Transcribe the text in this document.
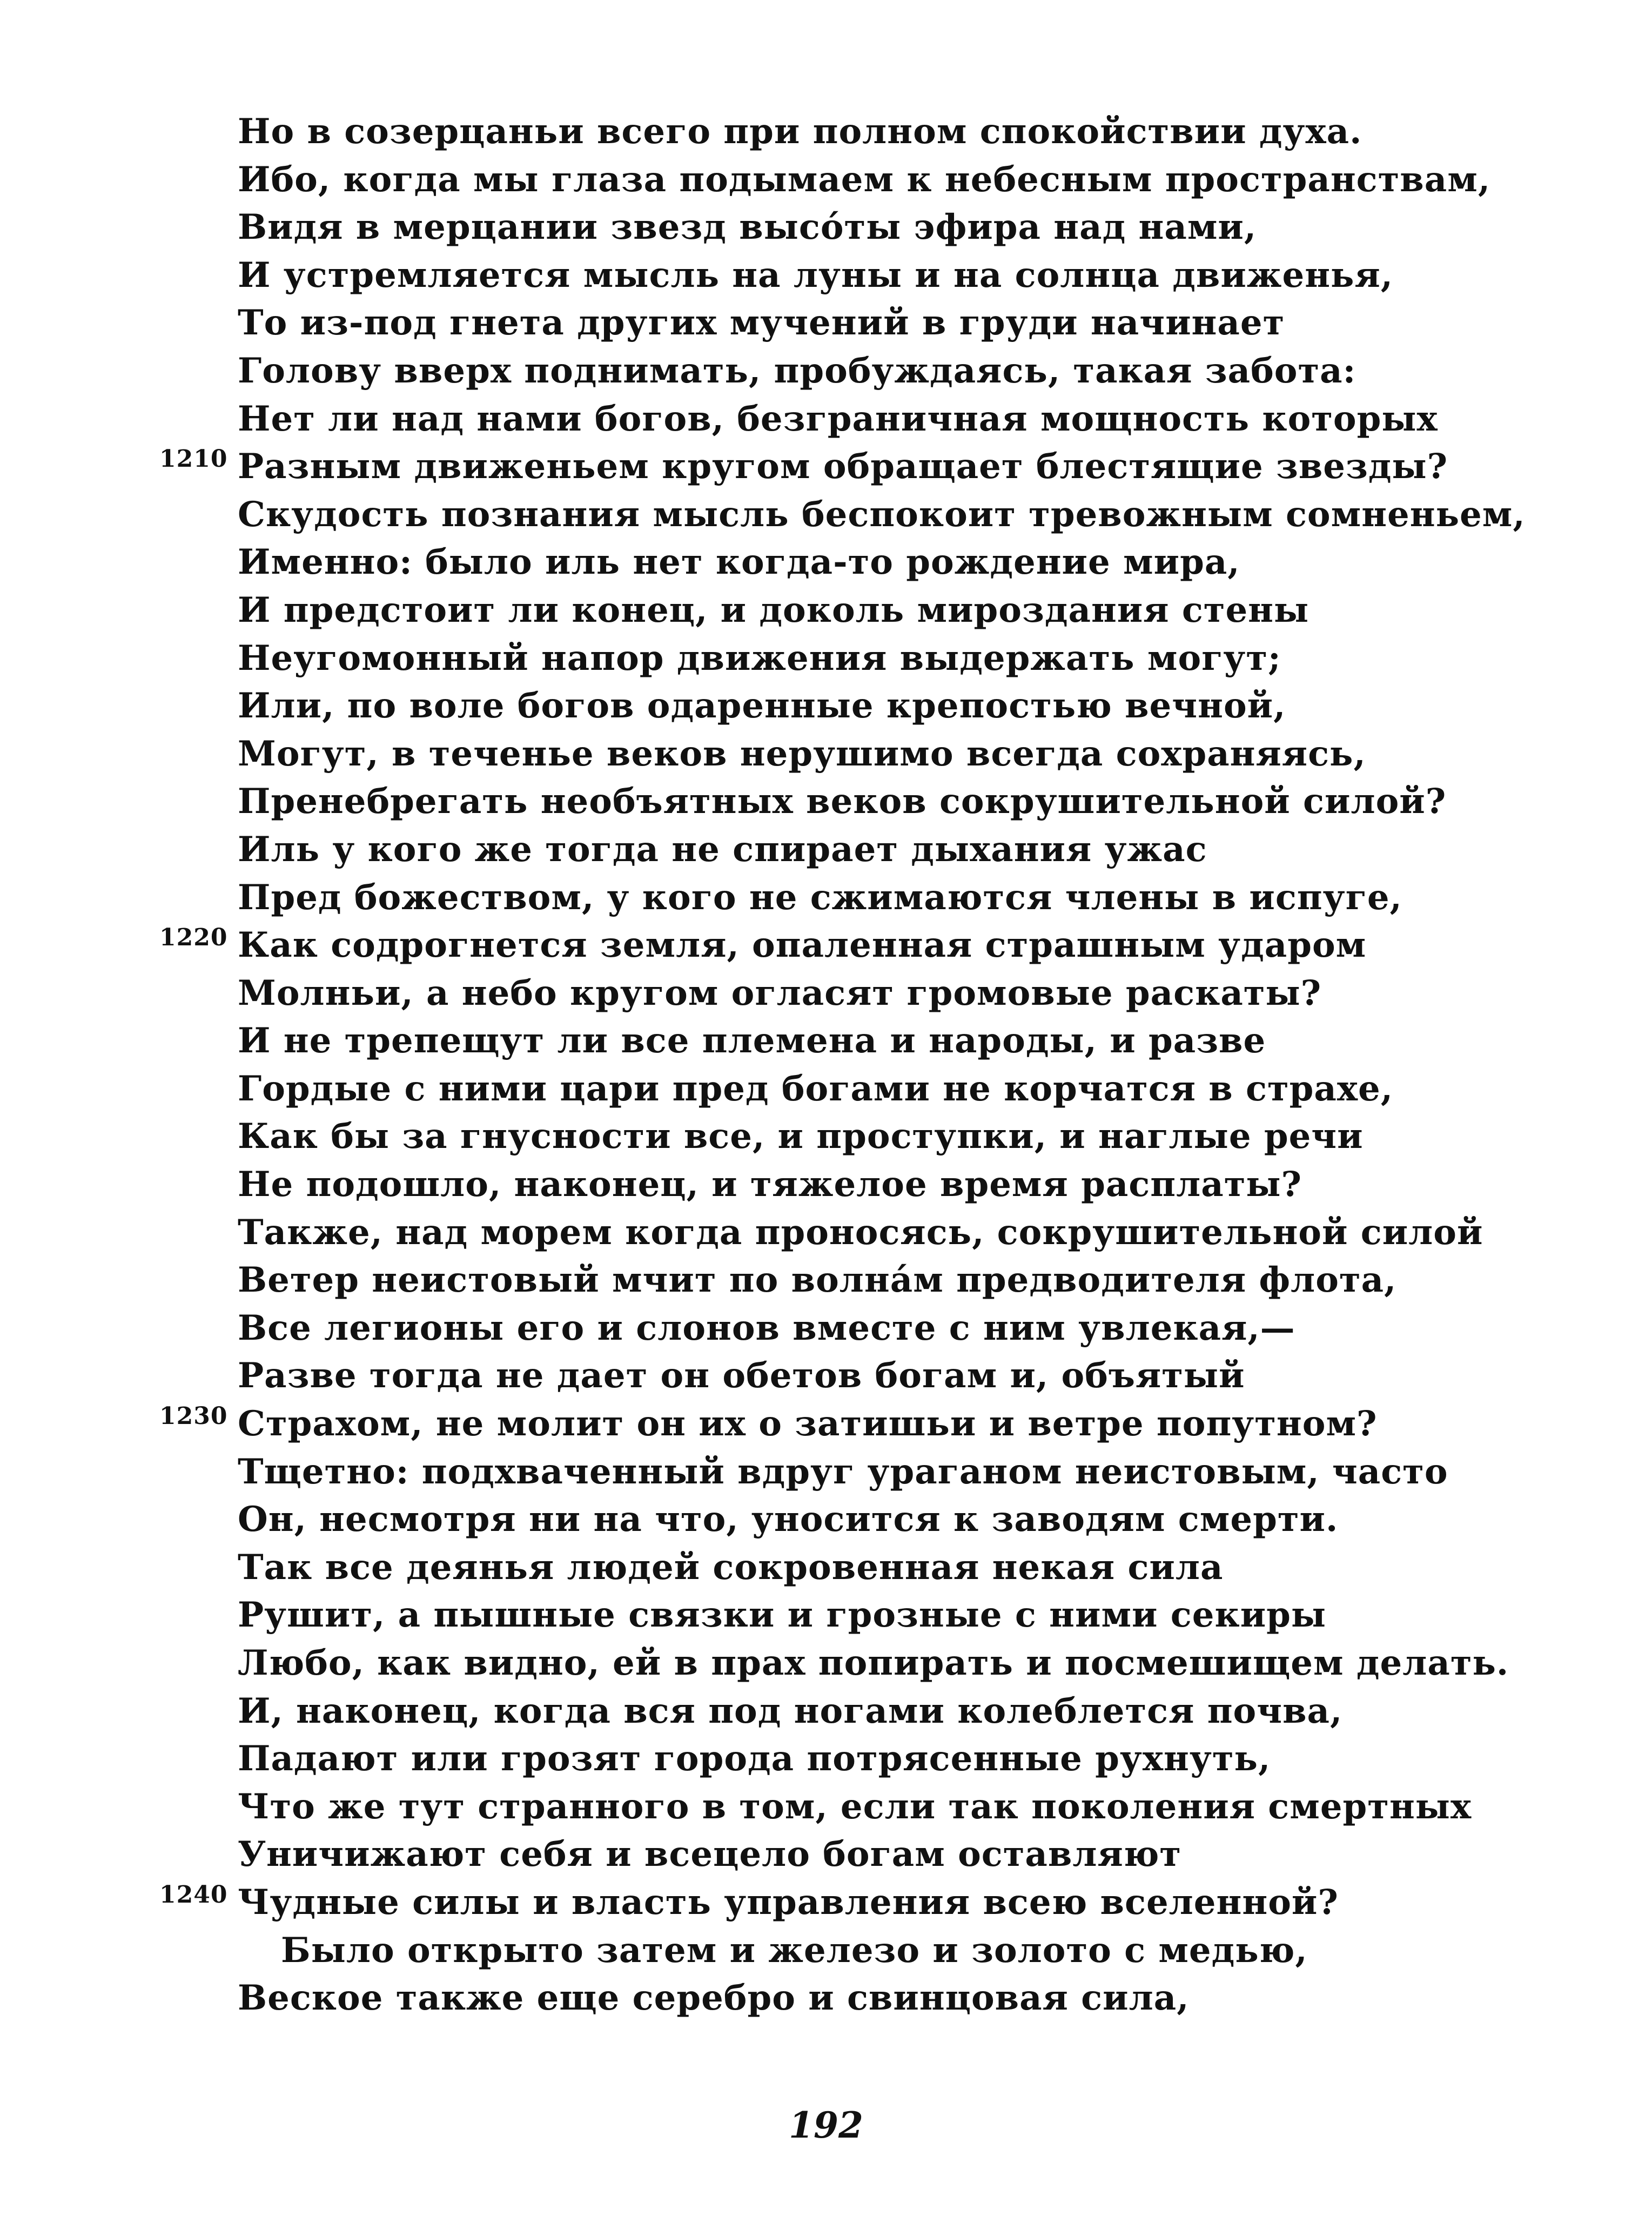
Но в созерцаньи всего при полном спокойствии духа.
Ибо, когда мы глаза подымаем к небесным пространствам,
Видя в мерцании звезд высо́ты эфира над нами,
И устремляется мысль на луны и на солнца движенья,
То из-под гнета других мучений в груди начинает
Голову вверх поднимать, пробуждаясь, такая забота:
Нет ли над нами богов, безграничная мощность которых
1210 Разным движеньем кругом обращает блестящие звезды?
Скудость познания мысль беспокоит тревожным сомненьем,
Именно: было иль нет когда-то рождение мира,
И предстоит ли конец, и доколь мироздания стены
Неугомонный напор движения выдержать могут;
Или, по воле богов одаренные крепостью вечной,
Могут, в теченье веков нерушимо всегда сохраняясь,
Пренебрегать необъятных веков сокрушительной силой?
Иль у кого же тогда не спирает дыхания ужас
Пред божеством, у кого не сжимаются члены в испуге,
1220 Как содрогнется земля, опаленная страшным ударом
Молньи, а небо кругом огласят громовые раскаты?
И не трепещут ли все племена и народы, и разве
Гордые с ними цари пред богами не корчатся в страхе,
Как бы за гнусности все, и проступки, и наглые речи
Не подошло, наконец, и тяжелое время расплаты?
Также, над морем когда проносясь, сокрушительной силой
Ветер неистовый мчит по волна́м предводителя флота,
Все легионы его и слонов вместе с ним увлекая,—
Разве тогда не дает он обетов богам и, объятый
1230 Страхом, не молит он их о затишьи и ветре попутном?
Тщетно: подхваченный вдруг ураганом неистовым, часто
Он, несмотря ни на что, уносится к заводям смерти.
Так все деянья людей сокровенная некая сила
Рушит, а пышные связки и грозные с ними секиры
Любо, как видно, ей в прах попирать и посмешищем делать.
И, наконец, когда вся под ногами колеблется почва,
Падают или грозят города потрясенные рухнуть,
Что же тут странного в том, если так поколения смертных
Уничижают себя и всецело богам оставляют
1240 Чудные силы и власть управления всею вселенной?
Было открыто затем и железо и золото с медью,
Веское также еще серебро и свинцовая сила,
192
